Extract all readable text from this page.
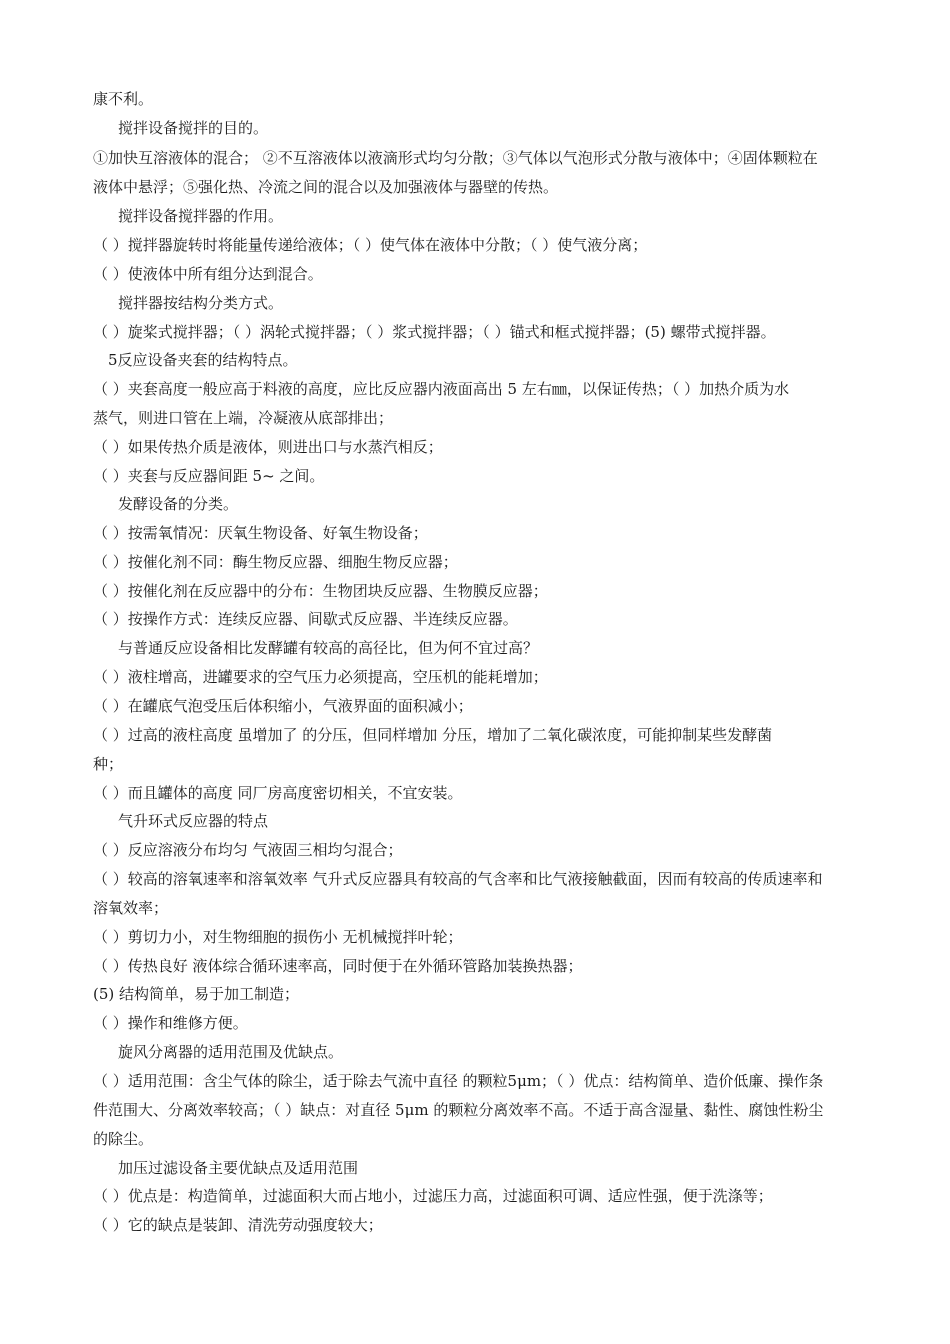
康不利。
搅拌设备搅拌的目的。
①加快互溶液体的混合； ②不互溶液体以液滴形式均匀分散；③气体以气泡形式分散与液体中；④固体颗粒在
液体中悬浮；⑤强化热、冷流之间的混合以及加强液体与器壁的传热。
搅拌设备搅拌器的作用。
（ ）搅拌器旋转时将能量传递给液体；（ ）使气体在液体中分散；（ ）使气液分离；
（ ）使液体中所有组分达到混合。
搅拌器按结构分类方式。
（ ）旋桨式搅拌器；（ ）涡轮式搅拌器；（ ）浆式搅拌器；（ ）锚式和框式搅拌器；(5) 螺带式搅拌器。
5反应设备夹套的结构特点。
（ ）夹套高度一般应高于料液的高度，应比反应器内液面高出 5 左右㎜，以保证传热；（ ）加热介质为水
蒸气，则进口管在上端，冷凝液从底部排出；
（ ）如果传热介质是液体，则进出口与水蒸汽相反；
（ ）夹套与反应器间距 5~ 之间。
发酵设备的分类。
（ ）按需氧情况：厌氧生物设备、好氧生物设备；
（ ）按催化剂不同：酶生物反应器、细胞生物反应器；
（ ）按催化剂在反应器中的分布：生物团块反应器、生物膜反应器；
（ ）按操作方式：连续反应器、间歇式反应器、半连续反应器。
与普通反应设备相比发酵罐有较高的高径比，但为何不宜过高？
（ ）液柱增高，进罐要求的空气压力必须提高，空压机的能耗增加；
（ ）在罐底气泡受压后体积缩小，气液界面的面积减小；
（ ）过高的液柱高度 虽增加了 的分压，但同样增加 分压，增加了二氧化碳浓度，可能抑制某些发酵菌
种；
（ ）而且罐体的高度 同厂房高度密切相关，不宜安装。
气升环式反应器的特点
（ ）反应溶液分布均匀 气液固三相均匀混合；
（ ）较高的溶氧速率和溶氧效率 气升式反应器具有较高的气含率和比气液接触截面，因而有较高的传质速率和
溶氧效率；
（ ）剪切力小，对生物细胞的损伤小 无机械搅拌叶轮；
（ ）传热良好 液体综合循环速率高，同时便于在外循环管路加装换热器；
(5) 结构简单，易于加工制造；
（ ）操作和维修方便。
旋风分离器的适用范围及优缺点。
（ ）适用范围：含尘气体的除尘，适于除去气流中直径 的颗粒5μm；（ ）优点：结构简单、造价低廉、操作条
件范围大、分离效率较高；（ ）缺点：对直径 5μm 的颗粒分离效率不高。不适于高含湿量、黏性、腐蚀性粉尘
的除尘。
加压过滤设备主要优缺点及适用范围
（ ）优点是：构造简单，过滤面积大而占地小，过滤压力高，过滤面积可调、适应性强，便于洗涤等；
（ ）它的缺点是装卸、清洗劳动强度较大；
